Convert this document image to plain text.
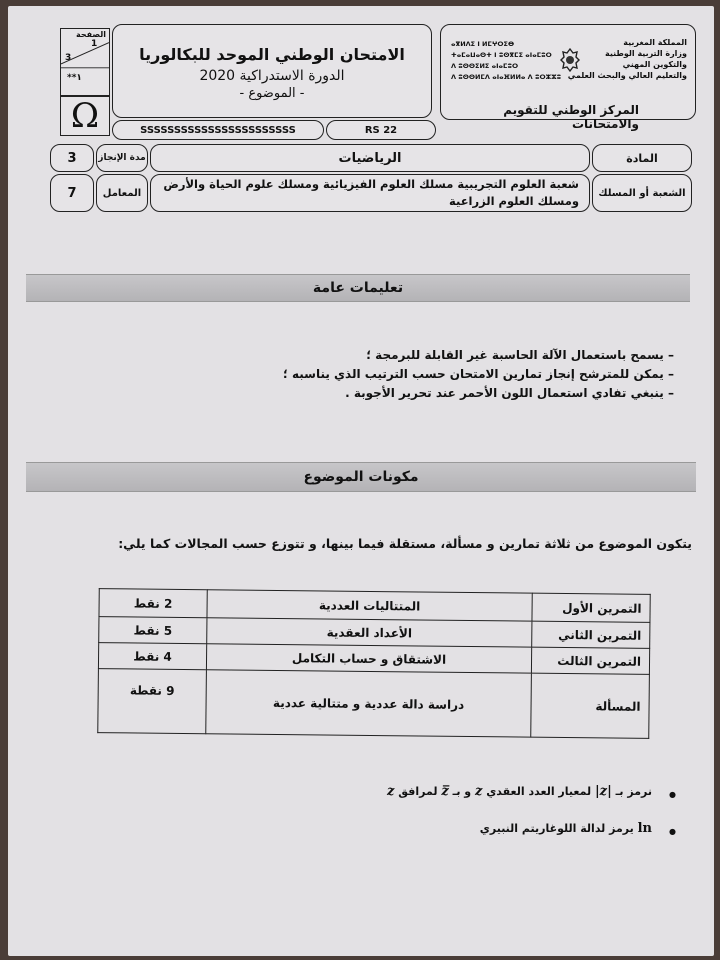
الصفحة
1
3
**١
Ω
الامتحان الوطني الموحد للبكالوريا
الدورة الاستدراكية 2020
- الموضوع -
SSSSSSSSSSSSSSSSSSSSSSS	RS 22
ⴰⴳⵍⴷⵉ ⵏ ⵍⵎⵖⵔⵉⴱ
ⵜⴰⵎⴰⵡⴰⵙⵜ ⵏ ⵓⵙⴳⵎⵉ ⴰⵏⴰⵎⵓⵔ
ⴷ ⵓⵙⵙⵉⵍⵉ ⴰⵏⴰⵎⵓⵔ
ⴷ ⵓⵙⵙⵍⵎⴷ ⴰⵏⴰⴼⵍⵍⴰ ⴷ ⵓⵔⵣⵣⵓ
المملكة المغربية
وزارة التربية الوطنية
والتكوين المهني
والتعليم العالي والبحث العلمي
المركز الوطني للتقويم والامتحانات
المادة
الرياضيات
مدة الإنجاز
3
الشعبة أو المسلك
شعبة العلوم التجريبية مسلك العلوم الفيزيائية ومسلك علوم الحياة والأرض
ومسلك العلوم الزراعية
المعامل
7
تعليمات عامة
– يسمح باستعمال الآلة الحاسبة غير القابلة للبرمجة ؛
– يمكن للمترشح إنجاز تمارين الامتحان حسب الترتيب الذي يناسبه ؛
– ينبغي تفادي استعمال اللون الأحمر عند تحرير الأجوبة .
مكونات الموضوع
يتكون الموضوع من ثلاثة تمارين و مسألة، مستقلة فيما بينها، و تتوزع حسب المجالات كما يلي:
التمرين الأول	المتتاليات العددية	2 نقط
التمرين الثاني	الأعداد العقدية	5 نقط
التمرين الثالث	الاشتقاق و حساب التكامل	4 نقط
المسألة	دراسة دالة عددية و متتالية عددية	9 نقطة
● نرمز بـ |z| لمعيار العدد العقدي z و بـ z̅ لمرافق z
● ln يرمز لدالة اللوغاريتم النبيري
